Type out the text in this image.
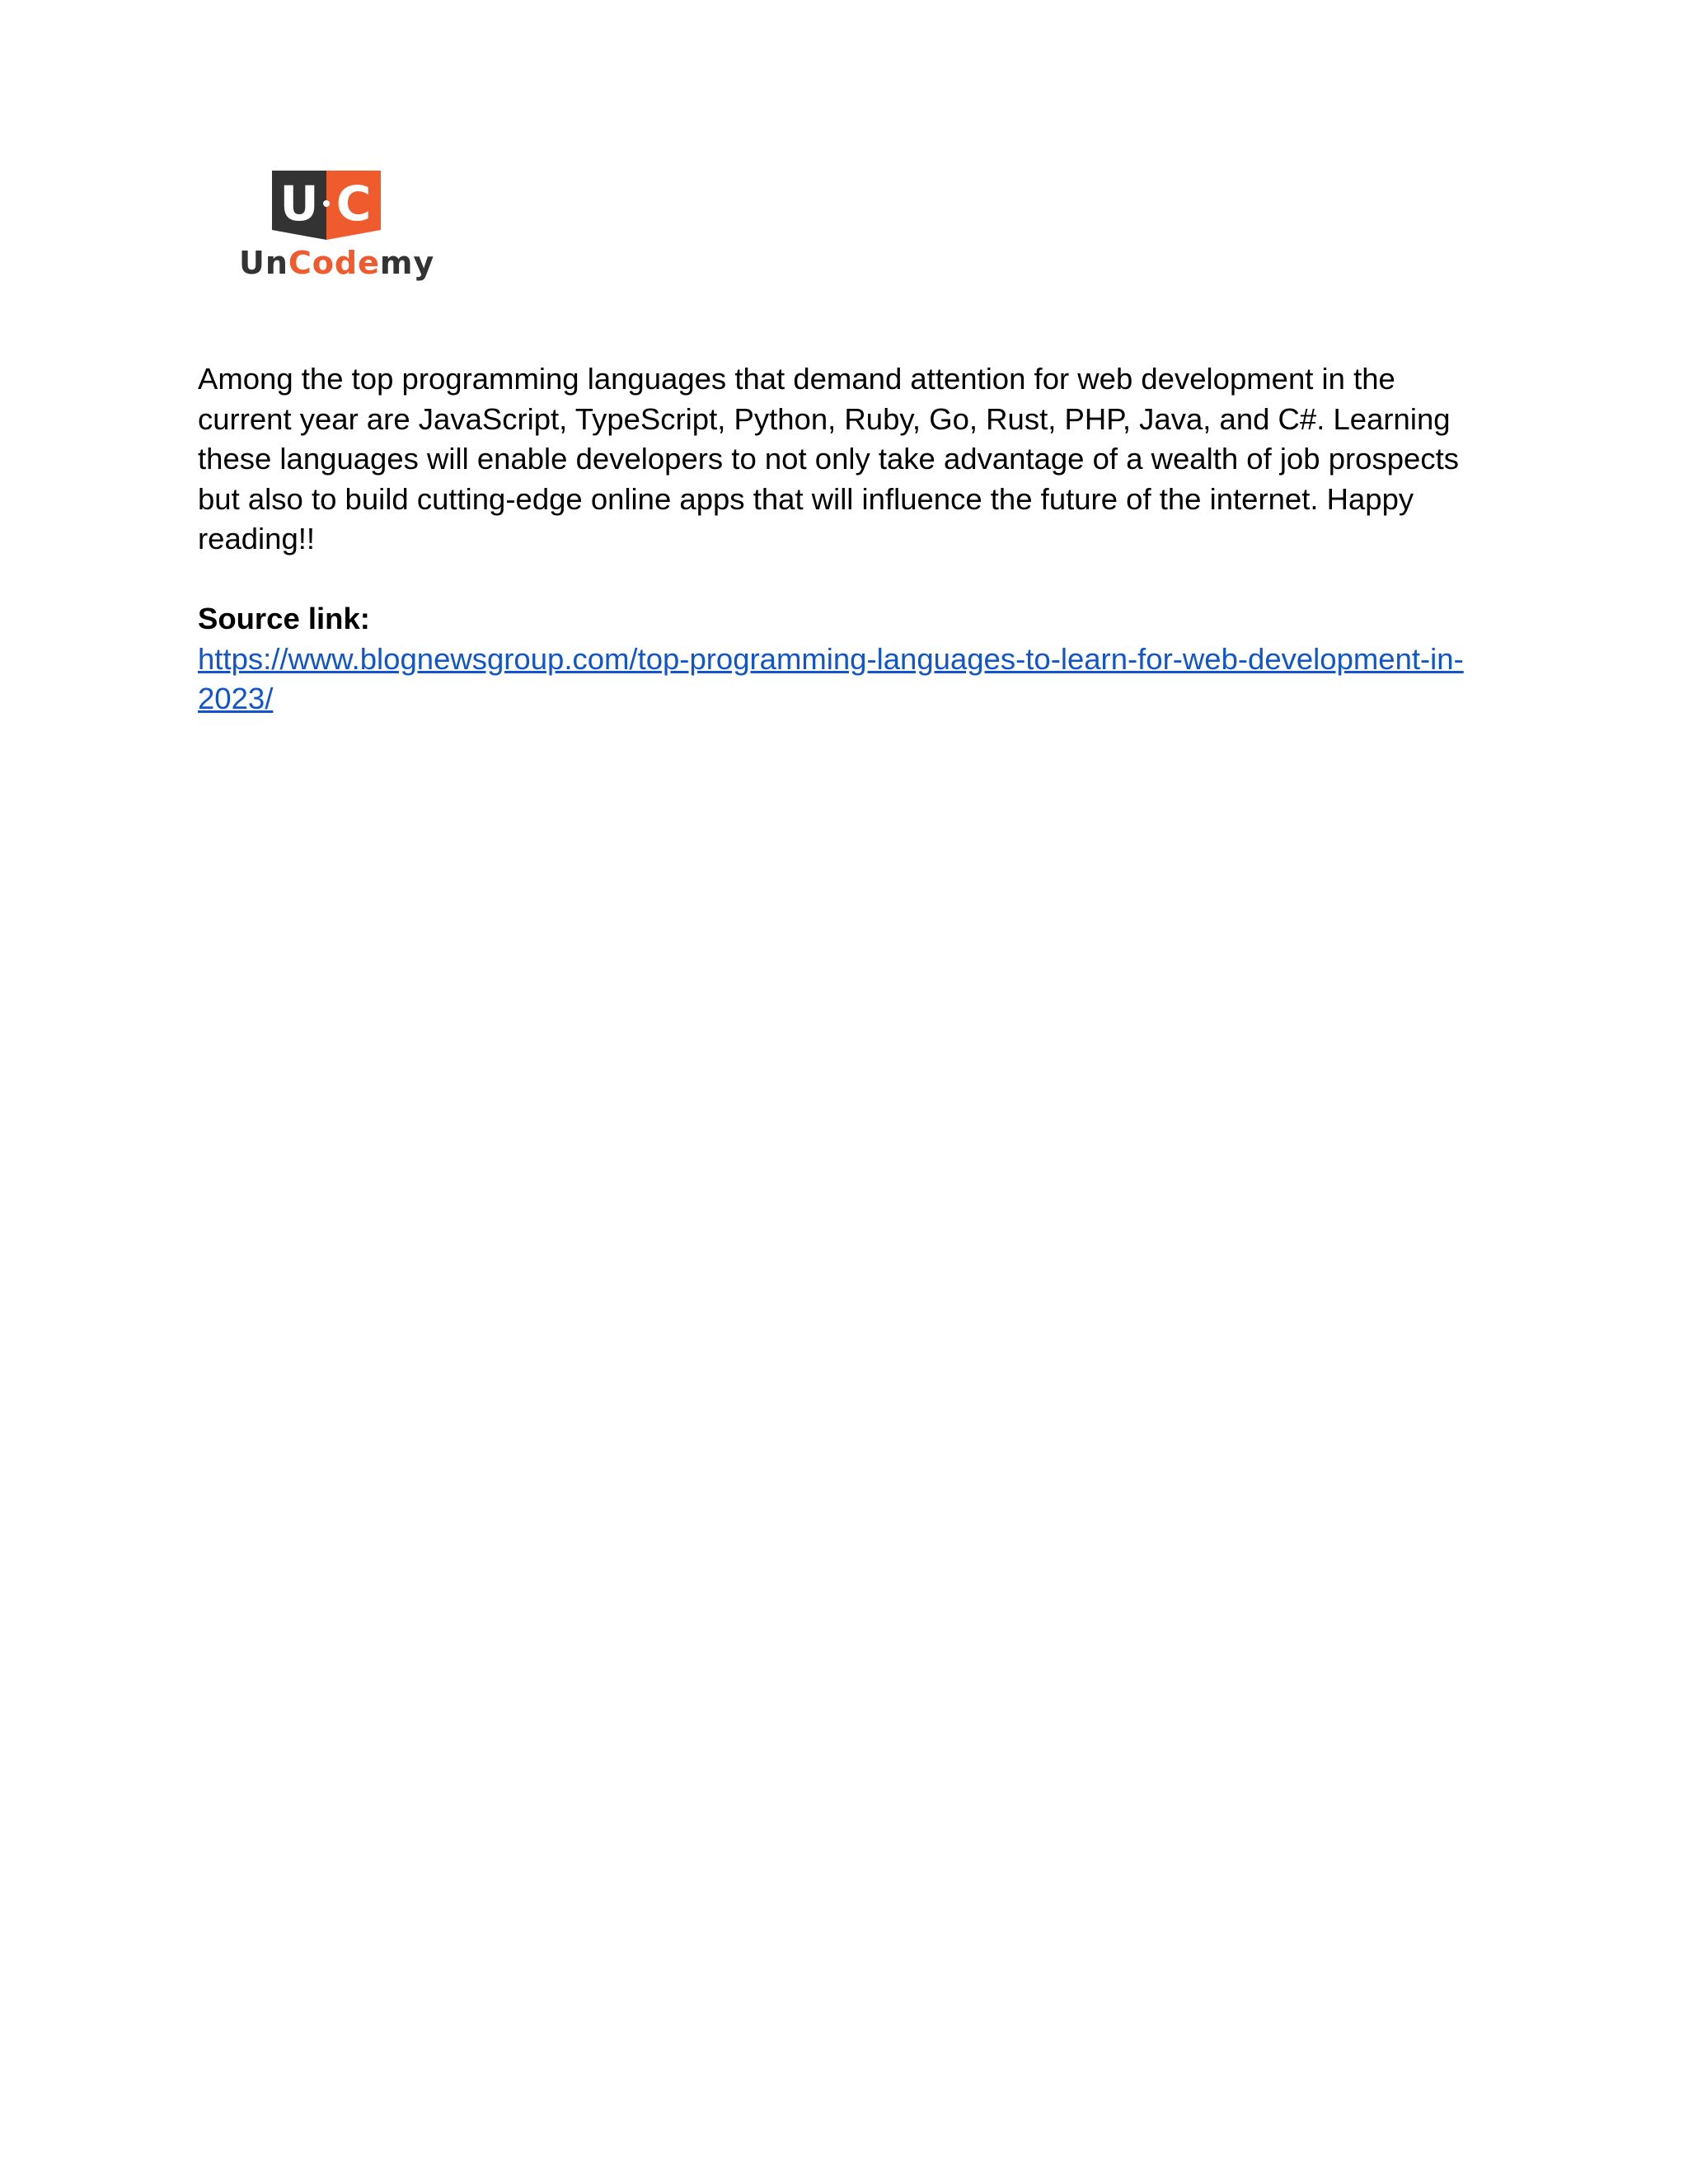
U C
UnCodemy

Among the top programming languages that demand attention for web development in the current year are JavaScript, TypeScript, Python, Ruby, Go, Rust, PHP, Java, and C#. Learning these languages will enable developers to not only take advantage of a wealth of job prospects but also to build cutting-edge online apps that will influence the future of the internet. Happy reading!!

Source link:

https://www.blognewsgroup.com/top-programming-languages-to-learn-for-web-development-in-2023/
